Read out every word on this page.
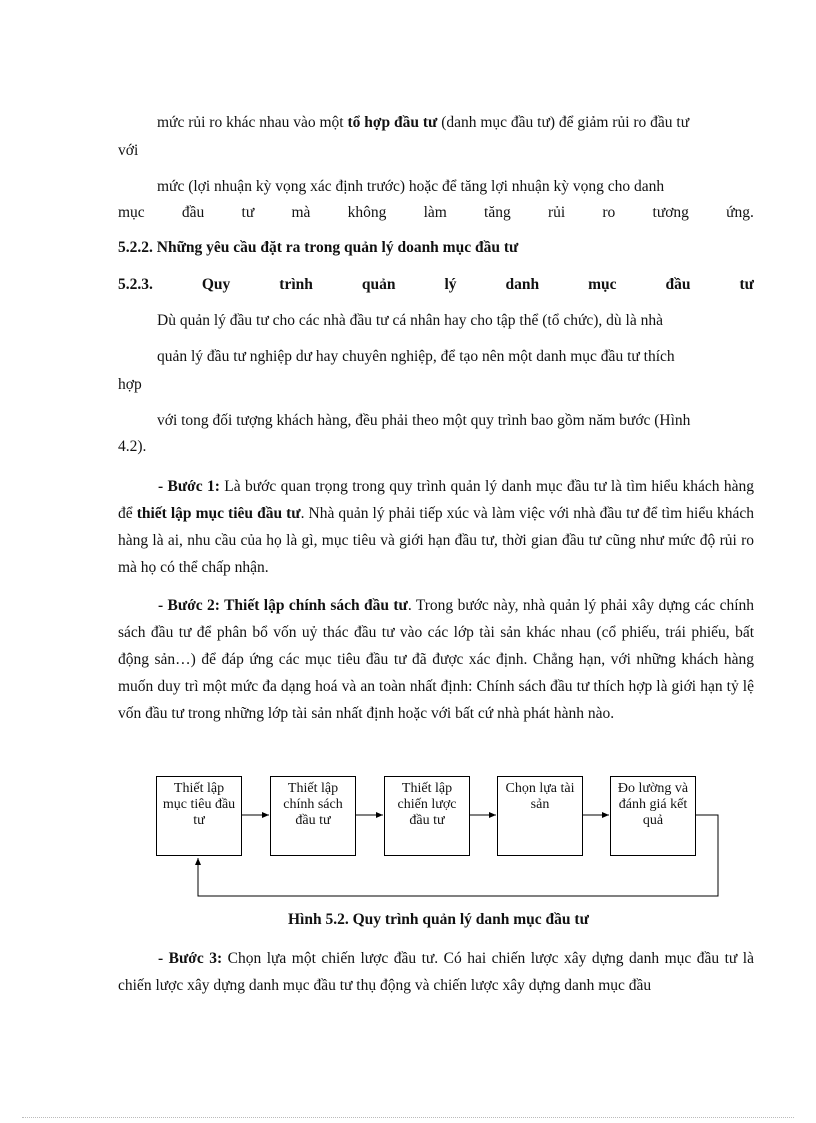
mức rủi ro khác nhau vào một tổ hợp đầu tư (danh mục đầu tư) để giảm rủi ro đầu tư
với
mức (lợi nhuận kỳ vọng xác định trước) hoặc để tăng lợi nhuận kỳ vọng cho danh
mục đầu tư mà không làm tăng rủi ro tương ứng.
5.2.2. Những yêu cầu đặt ra trong quản lý doanh mục đầu tư
5.2.3.	Quy	trình	quản	lý	danh	mục	đầu	tư
Dù quản lý đầu tư cho các nhà đầu tư cá nhân hay cho tập thể (tổ chức), dù là nhà
quản lý đầu tư nghiệp dư hay chuyên nghiệp, để tạo nên một danh mục đầu tư thích
hợp
với tong đối tượng khách hàng, đều phải theo một quy trình bao gồm năm bước (Hình
4.2).
- Bước 1: Là bước quan trọng trong quy trình quản lý danh mục đầu tư là tìm hiểu khách hàng để thiết lập mục tiêu đầu tư. Nhà quản lý phải tiếp xúc và làm việc với nhà đầu tư để tìm hiểu khách hàng là ai, nhu cầu của họ là gì, mục tiêu và giới hạn đầu tư, thời gian đầu tư cũng như mức độ rủi ro mà họ có thể chấp nhận.
- Bước 2: Thiết lập chính sách đầu tư. Trong bước này, nhà quản lý phải xây dựng các chính sách đầu tư để phân bổ vốn uỷ thác đầu tư vào các lớp tài sản khác nhau (cổ phiếu, trái phiếu, bất động sản…) để đáp ứng các mục tiêu đầu tư đã được xác định. Chẳng hạn, với những khách hàng muốn duy trì một mức đa dạng hoá và an toàn nhất định: Chính sách đầu tư thích hợp là giới hạn tỷ lệ vốn đầu tư trong những lớp tài sản nhất định hoặc với bất cứ nhà phát hành nào.
Thiết lập
mục tiêu đầu
tư
Thiết lập
chính sách
đầu tư
Thiết lập
chiến lược
đầu tư
Chọn lựa tài
sản
Đo lường và
đánh giá kết
quả
Hình 5.2. Quy trình quản lý danh mục đầu tư
- Bước 3: Chọn lựa một chiến lược đầu tư. Có hai chiến lược xây dựng danh mục đầu tư là chiến lược xây dựng danh mục đầu tư thụ động và chiến lược xây dựng danh mục đầu
